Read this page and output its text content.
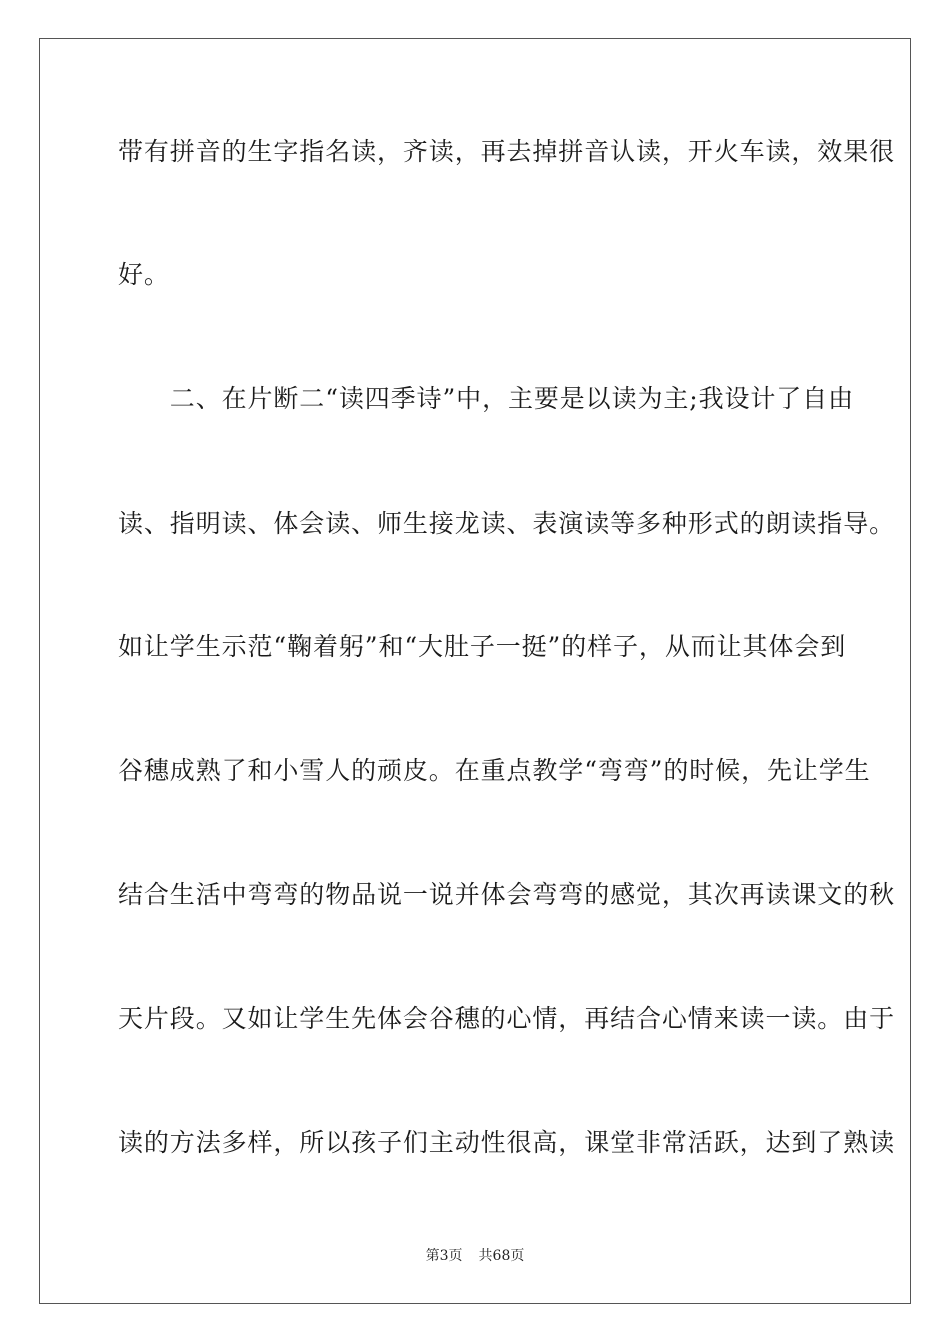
带有拼音的生字指名读，齐读，再去掉拼音认读，开火车读，效果很
好。
　　二、在片断二“读四季诗”中，主要是以读为主;我设计了自由
读、指明读、体会读、师生接龙读、表演读等多种形式的朗读指导。
如让学生示范“鞠着躬”和“大肚子一挺”的样子，从而让其体会到
谷穗成熟了和小雪人的顽皮。在重点教学“弯弯”的时候，先让学生
结合生活中弯弯的物品说一说并体会弯弯的感觉，其次再读课文的秋
天片段。又如让学生先体会谷穗的心情，再结合心情来读一读。由于
读的方法多样，所以孩子们主动性很高，课堂非常活跃，达到了熟读
第3页 共68页
